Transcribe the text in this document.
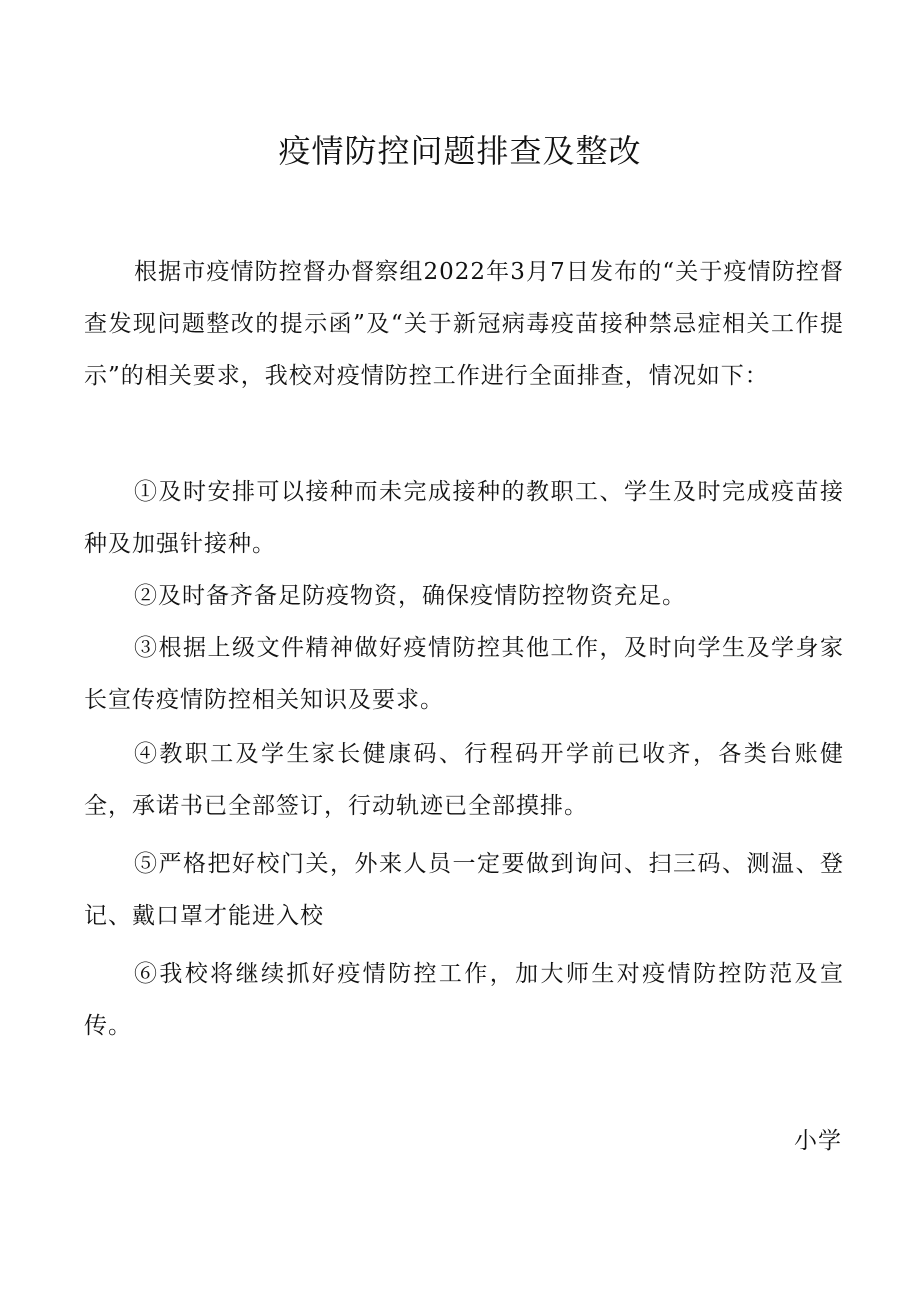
疫情防控问题排查及整改

根据市疫情防控督办督察组2022年3月7日发布的“关于疫情防控督查发现问题整改的提示函”及“关于新冠病毒疫苗接种禁忌症相关工作提示”的相关要求，我校对疫情防控工作进行全面排查，情况如下：

①及时安排可以接种而未完成接种的教职工、学生及时完成疫苗接种及加强针接种。

②及时备齐备足防疫物资，确保疫情防控物资充足。

③根据上级文件精神做好疫情防控其他工作，及时向学生及学身家长宣传疫情防控相关知识及要求。

④教职工及学生家长健康码、行程码开学前已收齐，各类台账健全，承诺书已全部签订，行动轨迹已全部摸排。

⑤严格把好校门关，外来人员一定要做到询问、扫三码、测温、登记、戴口罩才能进入校

⑥我校将继续抓好疫情防控工作，加大师生对疫情防控防范及宣传。

小学
